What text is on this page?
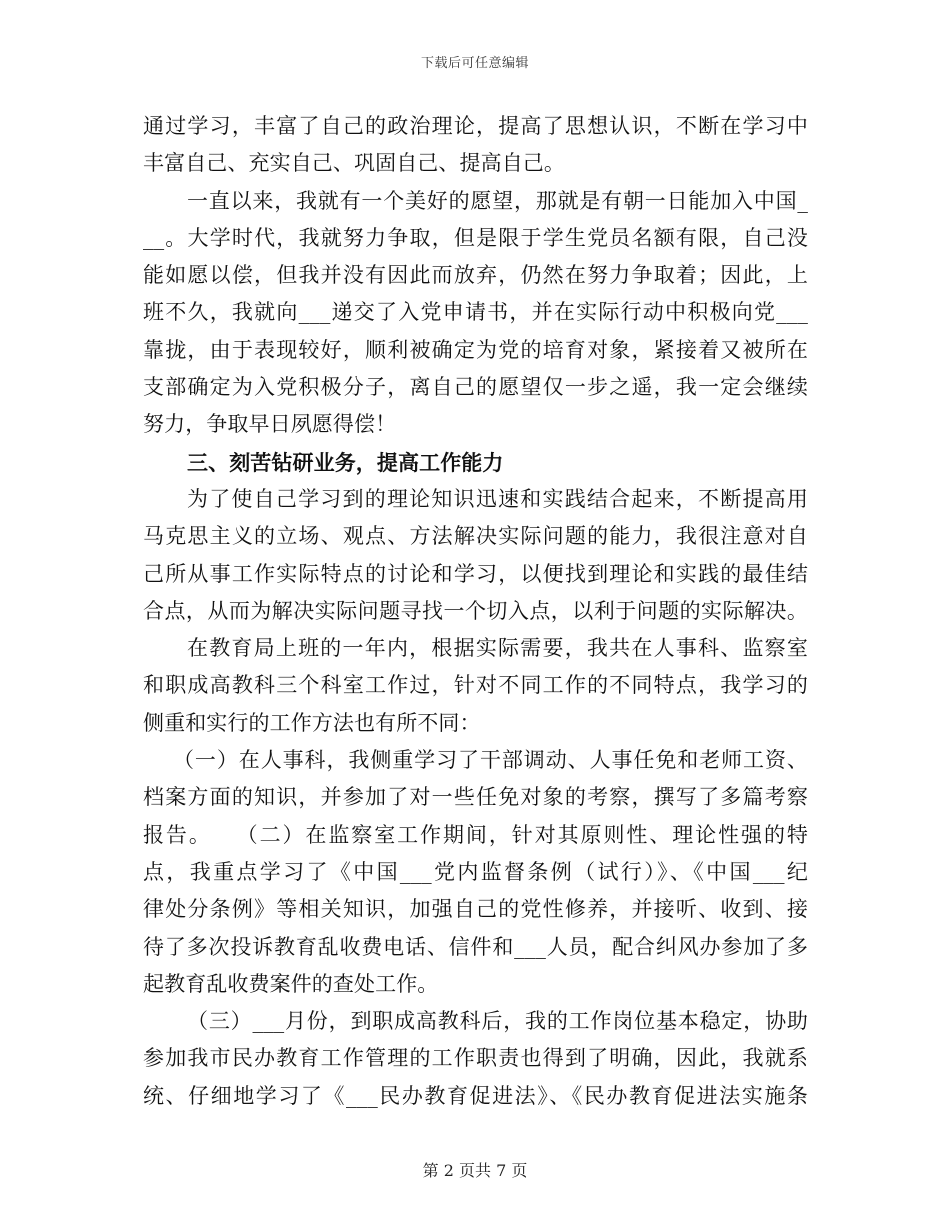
下载后可任意编辑
通过学习，丰富了自己的政治理论，提高了思想认识，不断在学习中
丰富自己、充实自己、巩固自己、提高自己。
一直以来，我就有一个美好的愿望，那就是有朝一日能加入中国_
__。大学时代，我就努力争取，但是限于学生党员名额有限，自己没
能如愿以偿，但我并没有因此而放弃，仍然在努力争取着；因此，上
班不久，我就向___递交了入党申请书，并在实际行动中积极向党___
靠拢，由于表现较好，顺利被确定为党的培育对象，紧接着又被所在
支部确定为入党积极分子，离自己的愿望仅一步之遥，我一定会继续
努力，争取早日夙愿得偿！
三、刻苦钻研业务，提高工作能力
为了使自己学习到的理论知识迅速和实践结合起来，不断提高用
马克思主义的立场、观点、方法解决实际问题的能力，我很注意对自
己所从事工作实际特点的讨论和学习，以便找到理论和实践的最佳结
合点，从而为解决实际问题寻找一个切入点，以利于问题的实际解决。
在教育局上班的一年内，根据实际需要，我共在人事科、监察室
和职成高教科三个科室工作过，针对不同工作的不同特点，我学习的
侧重和实行的工作方法也有所不同：
（一）在人事科，我侧重学习了干部调动、人事任免和老师工资、
档案方面的知识，并参加了对一些任免对象的考察，撰写了多篇考察
报告。　　（二）在监察室工作期间，针对其原则性、理论性强的特
点，我重点学习了《中国___党内监督条例（试行）》、《中国___纪
律处分条例》等相关知识，加强自己的党性修养，并接听、收到、接
待了多次投诉教育乱收费电话、信件和___人员，配合纠风办参加了多
起教育乱收费案件的查处工作。
（三）___月份，到职成高教科后，我的工作岗位基本稳定，协助
参加我市民办教育工作管理的工作职责也得到了明确，因此，我就系
统、仔细地学习了《___民办教育促进法》、《民办教育促进法实施条
第 2 页共 7 页
